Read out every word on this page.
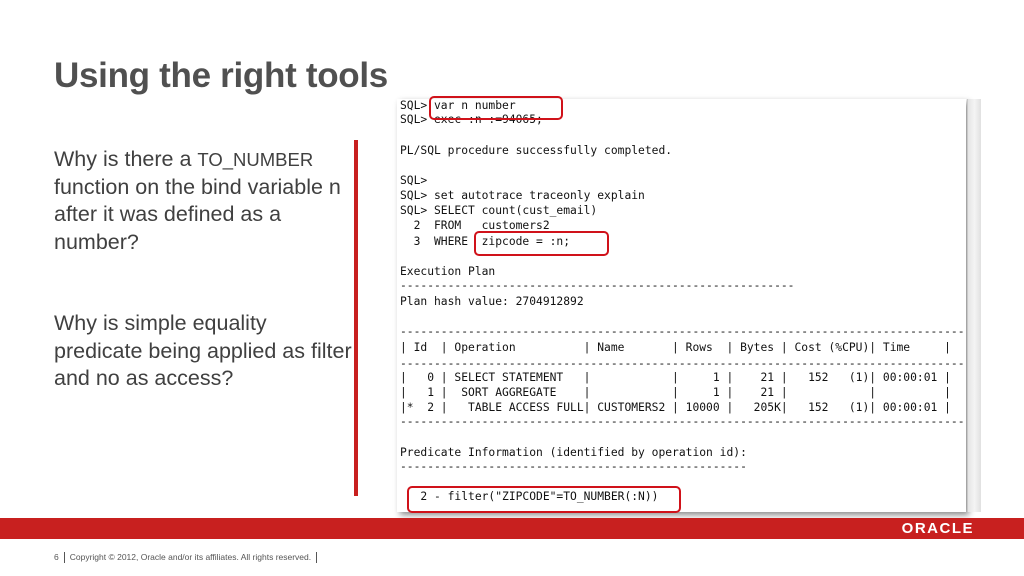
Using the right tools
Why is there a TO_NUMBER function on the bind variable n after it was defined as a number?
Why is simple equality predicate being applied as filter and no as access?
SQL> var n number
SQL> exec :n :=94065;
PL/SQL procedure successfully completed.
SQL>
SQL> set autotrace traceonly explain
SQL> SELECT count(cust_email)
2  FROM   customers2
3  WHERE  zipcode = :n;
Execution Plan
----------------------------------------------------------
Plan hash value: 2704912892
-----------------------------------------------------------------------------------
| Id  | Operation          | Name       | Rows  | Bytes | Cost (%CPU)| Time     |
-----------------------------------------------------------------------------------
|   0 | SELECT STATEMENT   |            |     1 |    21 |   152   (1)| 00:00:01 |
|   1 |  SORT AGGREGATE    |            |     1 |    21 |            |          |
|*  2 |   TABLE ACCESS FULL| CUSTOMERS2 | 10000 |   205K|   152   (1)| 00:00:01 |
-----------------------------------------------------------------------------------
Predicate Information (identified by operation id):
---------------------------------------------------
2 - filter("ZIPCODE"=TO_NUMBER(:N))
ORACLE
6 Copyright © 2012, Oracle and/or its affiliates. All rights reserved.
